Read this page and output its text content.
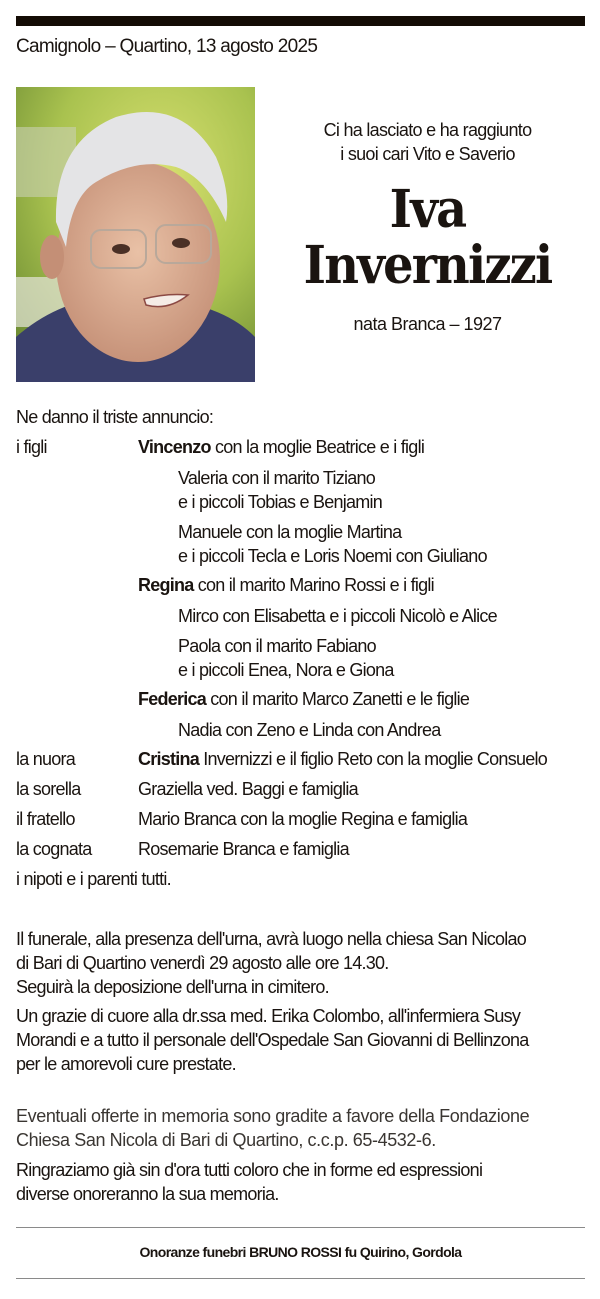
Camignolo – Quartino, 13 agosto 2025
Ci ha lasciato e ha raggiunto
i suoi cari Vito e Saverio
Iva
Invernizzi
nata Branca – 1927
Ne danno il triste annuncio:
i figli	Vincenzo con la moglie Beatrice e i figli
Valeria con il marito Tiziano
e i piccoli Tobias e Benjamin
Manuele con la moglie Martina
e i piccoli Tecla e Loris Noemi con Giuliano
Regina con il marito Marino Rossi e i figli
Mirco con Elisabetta e i piccoli Nicolò e Alice
Paola con il marito Fabiano
e i piccoli Enea, Nora e Giona
Federica con il marito Marco Zanetti e le figlie
Nadia con Zeno e Linda con Andrea
la nuora	Cristina Invernizzi e il figlio Reto con la moglie Consuelo
la sorella	Graziella ved. Baggi e famiglia
il fratello	Mario Branca con la moglie Regina e famiglia
la cognata	Rosemarie Branca e famiglia
i nipoti e i parenti tutti.
Il funerale, alla presenza dell'urna, avrà luogo nella chiesa San Nicolao
di Bari di Quartino venerdì 29 agosto alle ore 14.30.
Seguirà la deposizione dell'urna in cimitero.
Un grazie di cuore alla dr.ssa med. Erika Colombo, all'infermiera Susy
Morandi e a tutto il personale dell'Ospedale San Giovanni di Bellinzona
per le amorevoli cure prestate.
Eventuali offerte in memoria sono gradite a favore della Fondazione
Chiesa San Nicola di Bari di Quartino, c.c.p. 65-4532-6.
Ringraziamo già sin d'ora tutti coloro che in forme ed espressioni
diverse onoreranno la sua memoria.
Onoranze funebri BRUNO ROSSI fu Quirino, Gordola
